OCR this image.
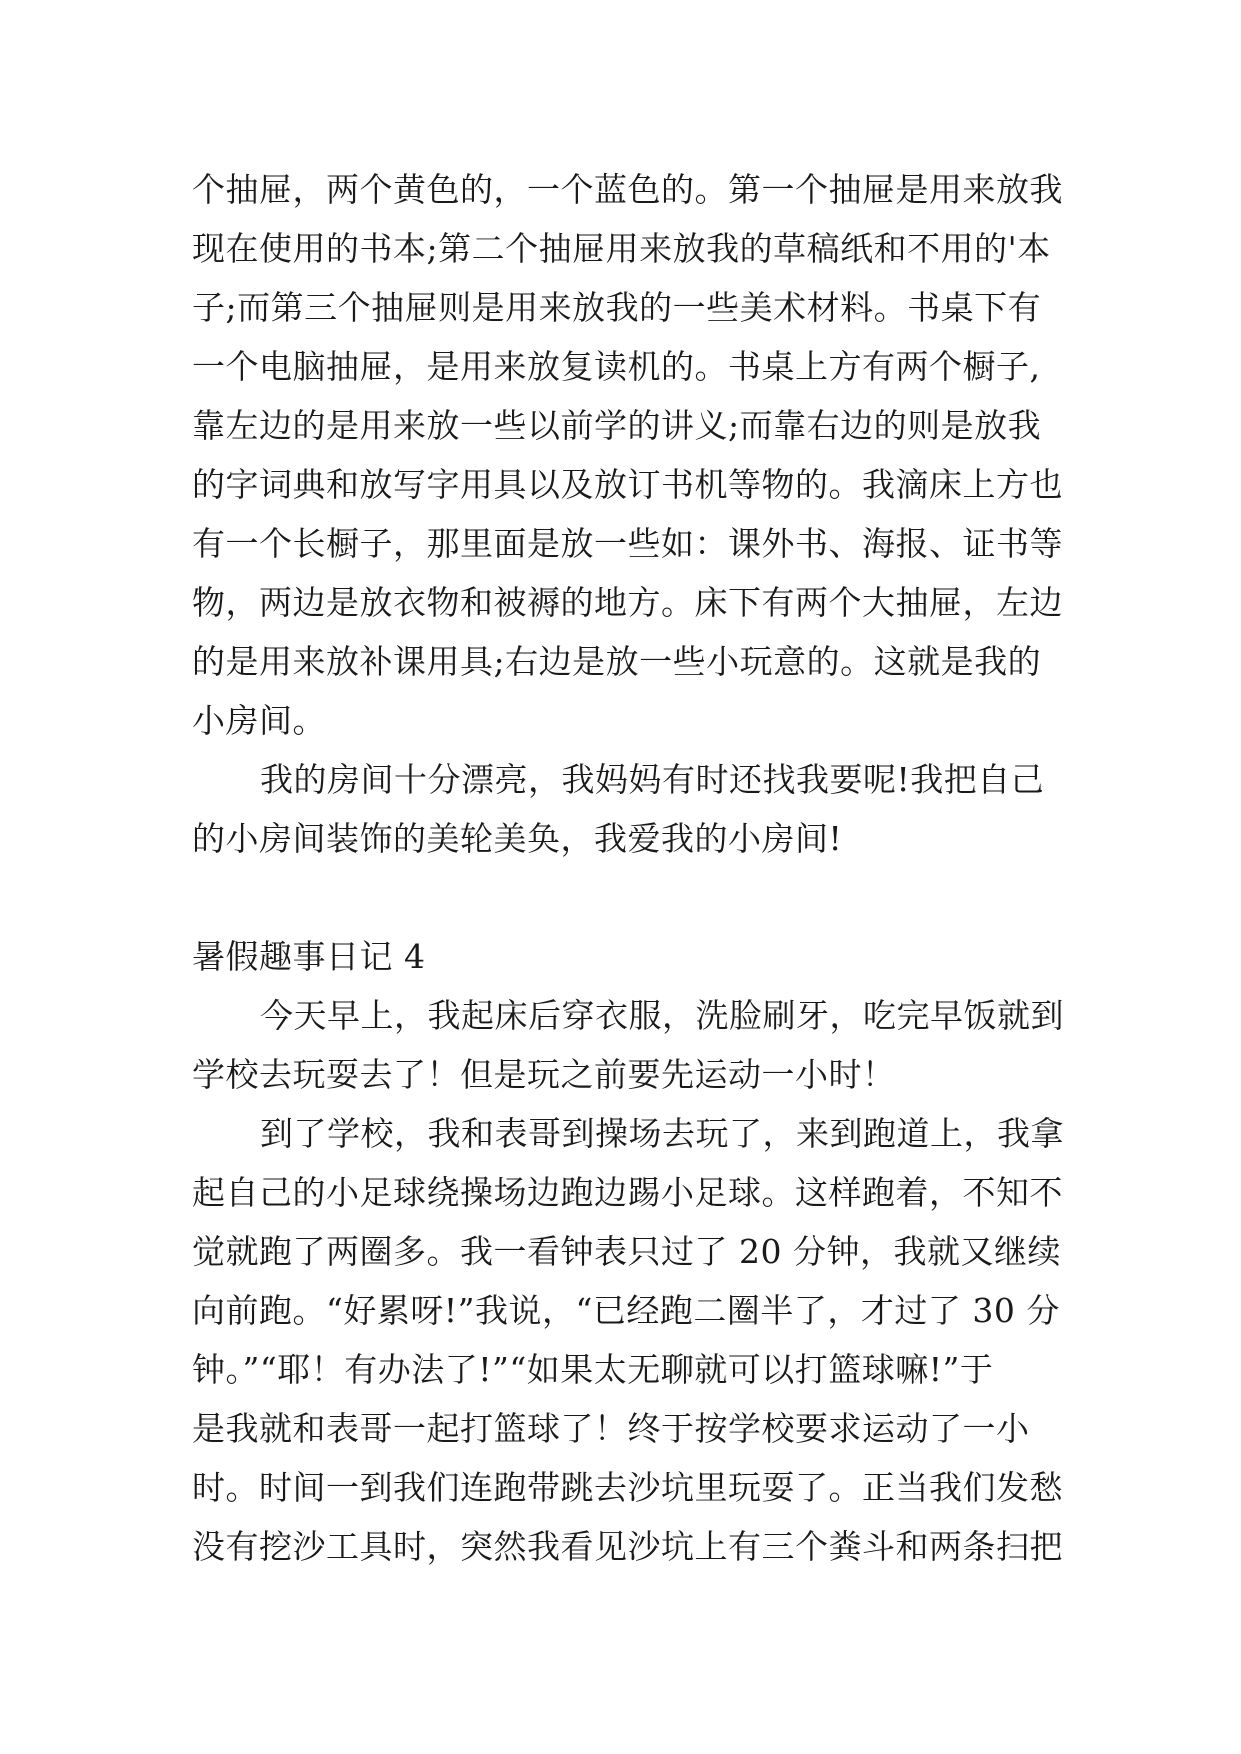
个抽屉，两个黄色的，一个蓝色的。第一个抽屉是用来放我
现在使用的书本;第二个抽屉用来放我的草稿纸和不用的'本
子;而第三个抽屉则是用来放我的一些美术材料。书桌下有
一个电脑抽屉，是用来放复读机的。书桌上方有两个橱子,
靠左边的是用来放一些以前学的讲义;而靠右边的则是放我
的字词典和放写字用具以及放订书机等物的。我滴床上方也
有一个长橱子，那里面是放一些如：课外书、海报、证书等
物，两边是放衣物和被褥的地方。床下有两个大抽屉，左边
的是用来放补课用具;右边是放一些小玩意的。这就是我的
小房间。
我的房间十分漂亮，我妈妈有时还找我要呢!我把自己
的小房间装饰的美轮美奂，我爱我的小房间!
暑假趣事日记 4
今天早上，我起床后穿衣服，洗脸刷牙，吃完早饭就到
学校去玩耍去了！但是玩之前要先运动一小时！
到了学校，我和表哥到操场去玩了，来到跑道上，我拿
起自己的小足球绕操场边跑边踢小足球。这样跑着，不知不
觉就跑了两圈多。我一看钟表只过了 20 分钟，我就又继续
向前跑。“好累呀!”我说，“已经跑二圈半了，才过了 30 分
钟。”“耶！有办法了!”“如果太无聊就可以打篮球嘛!”于
是我就和表哥一起打篮球了！终于按学校要求运动了一小
时。时间一到我们连跑带跳去沙坑里玩耍了。正当我们发愁
没有挖沙工具时，突然我看见沙坑上有三个粪斗和两条扫把
